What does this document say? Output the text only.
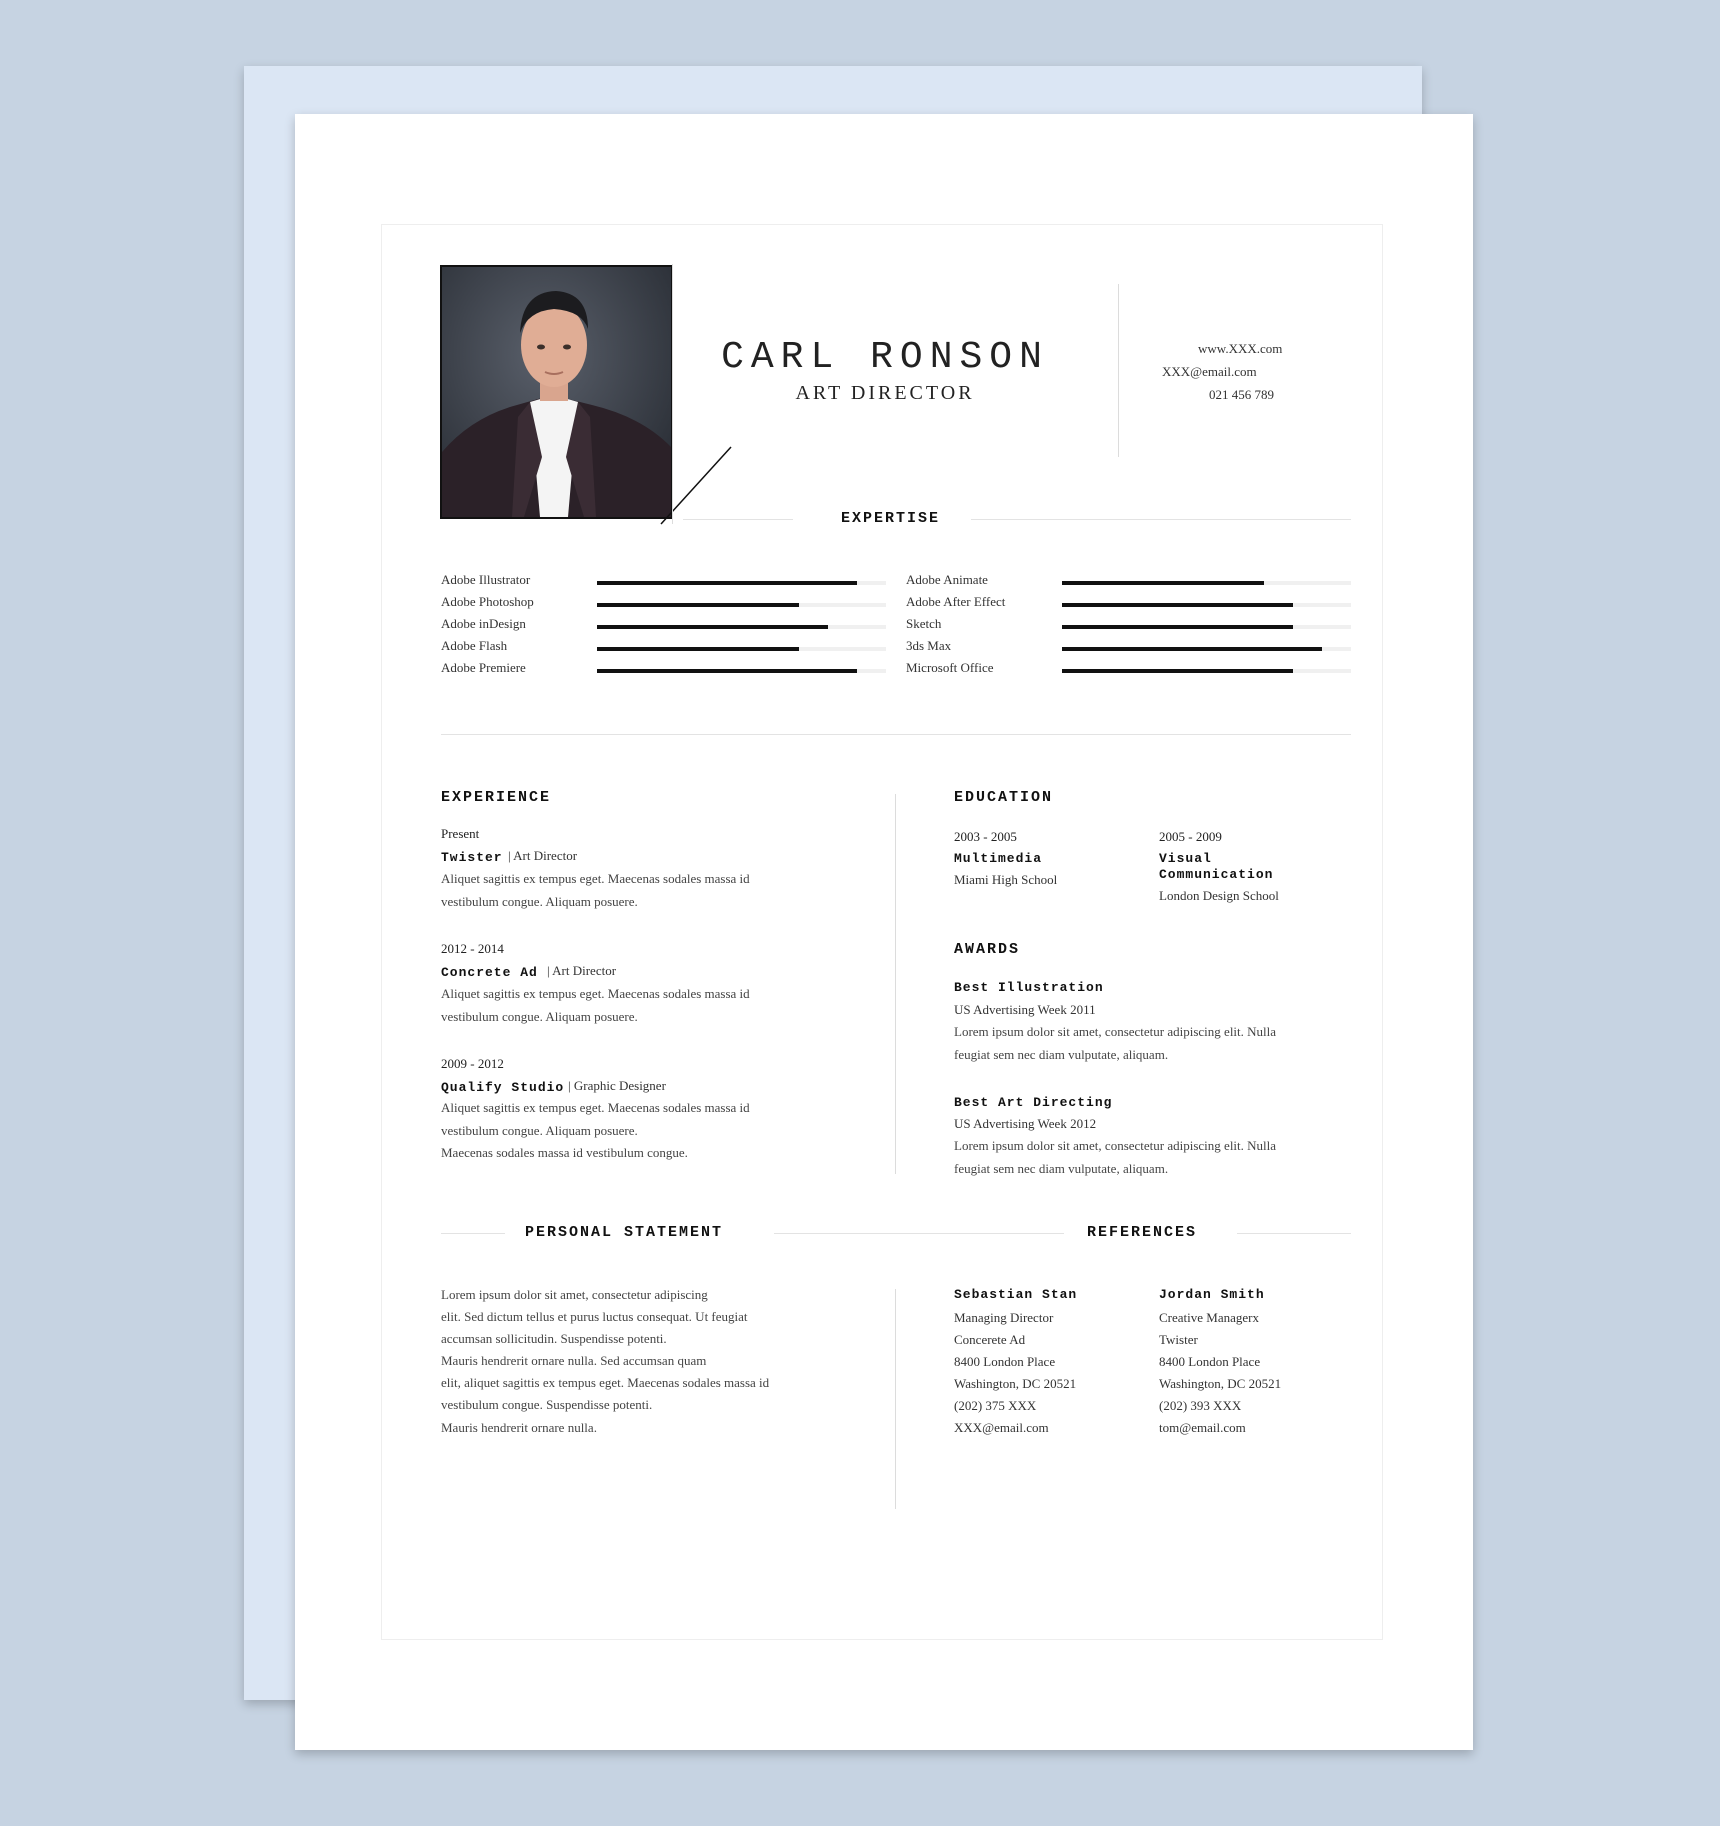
CARL RONSON
ART DIRECTOR
www.XXX.com
XXX@email.com
021 456 789
EXPERTISE
EXPERIENCE
Present
Twister | Art Director
Aliquet sagittis ex tempus eget. Maecenas sodales massa id
vestibulum congue. Aliquam posuere.
2012 - 2014
Concrete Ad | Art Director
Aliquet sagittis ex tempus eget. Maecenas sodales massa id
vestibulum congue. Aliquam posuere.
2009 - 2012
Qualify Studio | Graphic Designer
Aliquet sagittis ex tempus eget. Maecenas sodales massa id
vestibulum congue. Aliquam posuere.
Maecenas sodales massa id vestibulum congue.
EDUCATION
2003 - 2005
Multimedia
Miami High School
2005 - 2009
Visual
Communication
London Design School
AWARDS
Best Illustration
US Advertising Week 2011
Lorem ipsum dolor sit amet, consectetur adipiscing elit. Nulla
feugiat sem nec diam vulputate, aliquam.
Best Art Directing
US Advertising Week 2012
Lorem ipsum dolor sit amet, consectetur adipiscing elit. Nulla
feugiat sem nec diam vulputate, aliquam.
PERSONAL STATEMENT	REFERENCES
Lorem ipsum dolor sit amet, consectetur adipiscing
elit. Sed dictum tellus et purus luctus consequat. Ut feugiat
accumsan sollicitudin. Suspendisse potenti.
Mauris hendrerit ornare nulla. Sed accumsan quam
elit, aliquet sagittis ex tempus eget. Maecenas sodales massa id
vestibulum congue. Suspendisse potenti.
Mauris hendrerit ornare nulla.
Sebastian Stan
Managing Director
Concerete Ad
8400 London Place
Washington, DC 20521
(202) 375 XXX
XXX@email.com
Jordan Smith
Creative Managerx
Twister
8400 London Place
Washington, DC 20521
(202) 393 XXX
tom@email.com
Adobe Illustrator
Adobe Photoshop
Adobe inDesign
Adobe Flash
Adobe Premiere
Adobe Animate
Adobe After Effect
Sketch
3ds Max
Microsoft Office
